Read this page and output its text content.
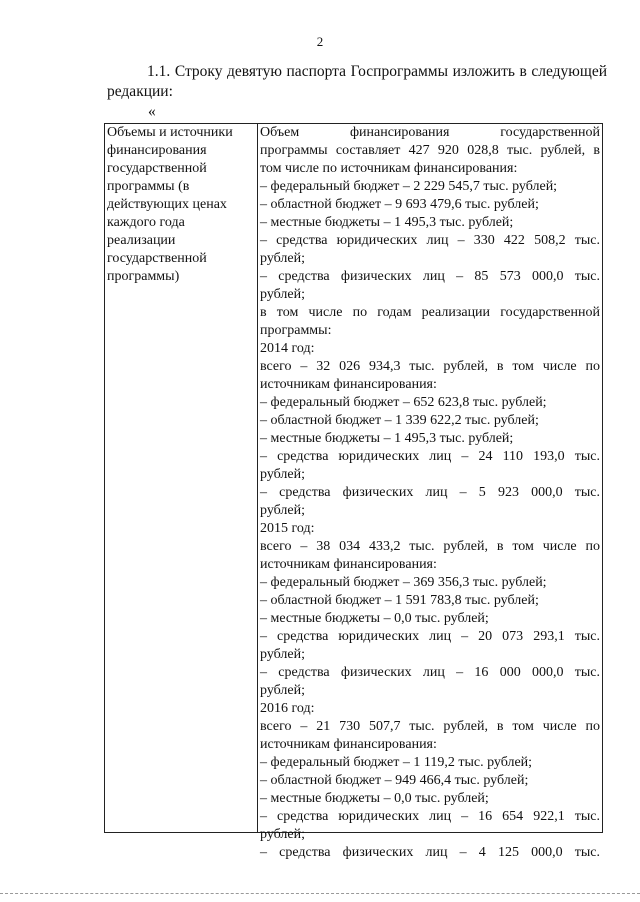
2
1.1. Строку девятую паспорта Госпрограммы изложить в следующей
редакции:
«
Объемы и источники
финансирования
государственной
программы (в
действующих ценах
каждого года
реализации
государственной
программы)

Объем финансирования государственной
программы составляет 427 920 028,8 тыс. рублей, в
том числе по источникам финансирования:
– федеральный бюджет – 2 229 545,7 тыс. рублей;
– областной бюджет – 9 693 479,6 тыс. рублей;
– местные бюджеты – 1 495,3 тыс. рублей;
– средства юридических лиц – 330 422 508,2 тыс.
рублей;
– средства физических лиц – 85 573 000,0 тыс.
рублей;
в том числе по годам реализации государственной
программы:
2014 год:
всего – 32 026 934,3 тыс. рублей, в том числе по
источникам финансирования:
– федеральный бюджет – 652 623,8 тыс. рублей;
– областной бюджет – 1 339 622,2 тыс. рублей;
– местные бюджеты – 1 495,3 тыс. рублей;
– средства юридических лиц – 24 110 193,0 тыс.
рублей;
– средства физических лиц – 5 923 000,0 тыс.
рублей;
2015 год:
всего – 38 034 433,2 тыс. рублей, в том числе по
источникам финансирования:
– федеральный бюджет – 369 356,3 тыс. рублей;
– областной бюджет – 1 591 783,8 тыс. рублей;
– местные бюджеты – 0,0 тыс. рублей;
– средства юридических лиц – 20 073 293,1 тыс.
рублей;
– средства физических лиц – 16 000 000,0 тыс.
рублей;
2016 год:
всего – 21 730 507,7 тыс. рублей, в том числе по
источникам финансирования:
– федеральный бюджет – 1 119,2 тыс. рублей;
– областной бюджет – 949 466,4 тыс. рублей;
– местные бюджеты – 0,0 тыс. рублей;
– средства юридических лиц – 16 654 922,1 тыс.
рублей;
– средства физических лиц – 4 125 000,0 тыс.
